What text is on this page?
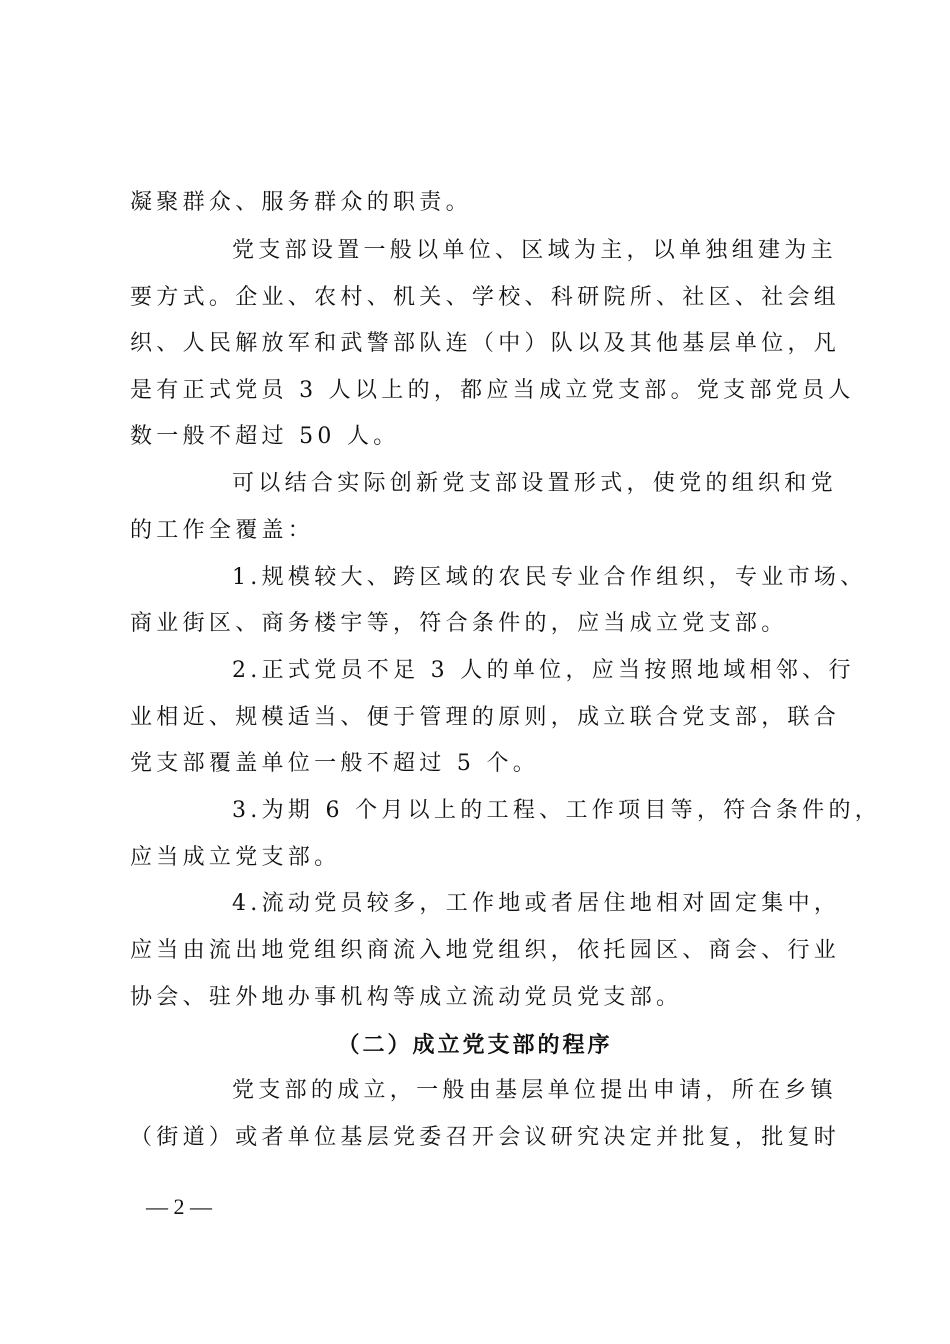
凝聚群众、服务群众的职责。
党支部设置一般以单位、区域为主，以单独组建为主
要方式。企业、农村、机关、学校、科研院所、社区、社会组
织、人民解放军和武警部队连（中）队以及其他基层单位，凡
是有正式党员 3 人以上的，都应当成立党支部。党支部党员人
数一般不超过 50 人。
可以结合实际创新党支部设置形式，使党的组织和党
的工作全覆盖：
1.规模较大、跨区域的农民专业合作组织，专业市场、
商业街区、商务楼宇等，符合条件的，应当成立党支部。
2.正式党员不足 3 人的单位，应当按照地域相邻、行
业相近、规模适当、便于管理的原则，成立联合党支部，联合
党支部覆盖单位一般不超过 5 个。
3.为期 6 个月以上的工程、工作项目等，符合条件的，
应当成立党支部。
4.流动党员较多，工作地或者居住地相对固定集中，
应当由流出地党组织商流入地党组织，依托园区、商会、行业
协会、驻外地办事机构等成立流动党员党支部。
（二）成立党支部的程序
党支部的成立，一般由基层单位提出申请，所在乡镇
（街道）或者单位基层党委召开会议研究决定并批复，批复时
— 2 —
